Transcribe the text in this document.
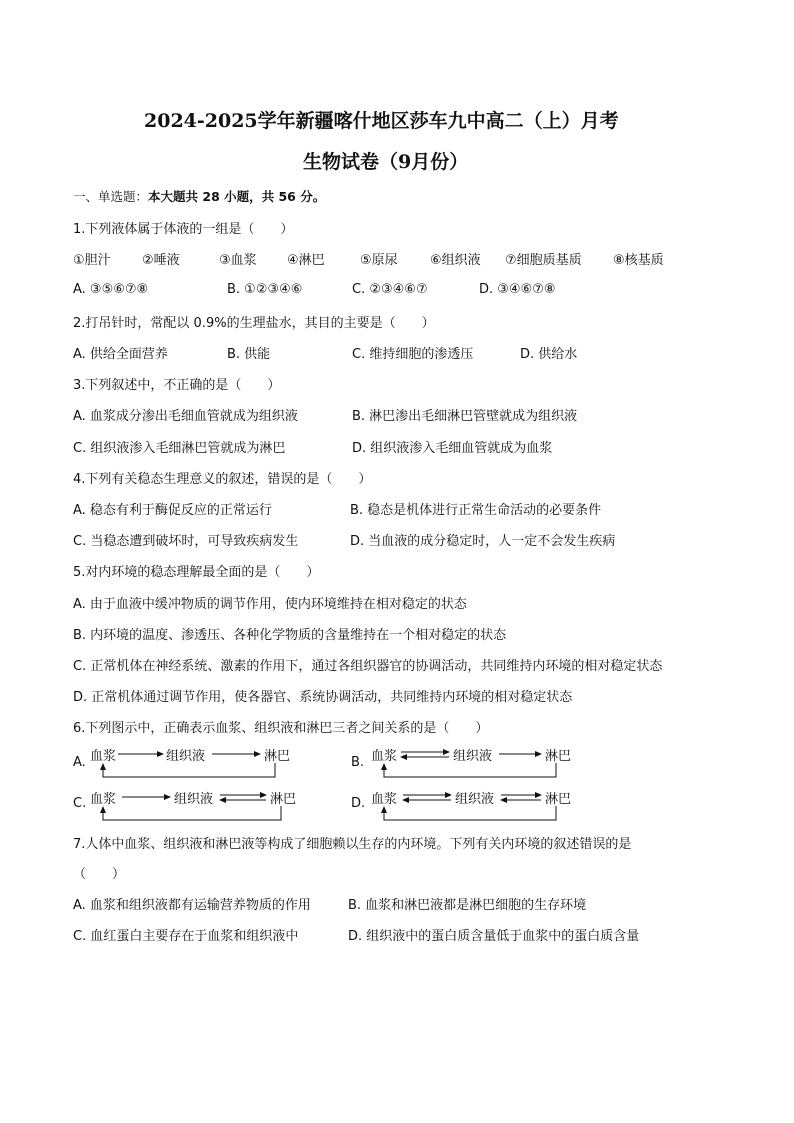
2024-2025学年新疆喀什地区莎车九中高二（上）月考
生物试卷（9月份）
一、单选题：本大题共 28 小题，共 56 分。
1.下列液体属于体液的一组是（　　）
①胆汁 ②唾液	③血浆 ④淋巴	⑤原尿 ⑥组织液 ⑦细胞质基质 ⑧核基质
A. ③⑤⑥⑦⑧	B. ①②③④⑥	C. ②③④⑥⑦	D. ③④⑥⑦⑧
2.打吊针时，常配以 0.9%的生理盐水，其目的主要是（　　）
A. 供给全面营养	B. 供能	C. 维持细胞的渗透压	D. 供给水
3.下列叙述中，不正确的是（　　）
A. 血浆成分渗出毛细血管就成为组织液	B. 淋巴渗出毛细淋巴管壁就成为组织液
C. 组织液渗入毛细淋巴管就成为淋巴	D. 组织液渗入毛细血管就成为血浆
4.下列有关稳态生理意义的叙述，错误的是（　　）
A. 稳态有利于酶促反应的正常运行	B. 稳态是机体进行正常生命活动的必要条件
C. 当稳态遭到破坏时，可导致疾病发生	D. 当血液的成分稳定时，人一定不会发生疾病
5.对内环境的稳态理解最全面的是（　　）
A. 由于血液中缓冲物质的调节作用，使内环境维持在相对稳定的状态
B. 内环境的温度、渗透压、各种化学物质的含量维持在一个相对稳定的状态
C. 正常机体在神经系统、激素的作用下，通过各组织器官的协调活动，共同维持内环境的相对稳定状态
D. 正常机体通过调节作用，使各器官、系统协调活动，共同维持内环境的相对稳定状态
6.下列图示中，正确表示血浆、组织液和淋巴三者之间关系的是（　　）
A. 血浆	组织液	淋巴	B. 血浆	组织液	淋巴
C. 血浆	组织液	淋巴	D. 血浆	组织液	淋巴
7.人体中血浆、组织液和淋巴液等构成了细胞赖以生存的内环境。下列有关内环境的叙述错误的是
（　　）
A. 血浆和组织液都有运输营养物质的作用	B. 血浆和淋巴液都是淋巴细胞的生存环境
C. 血红蛋白主要存在于血浆和组织液中	D. 组织液中的蛋白质含量低于血浆中的蛋白质含量
